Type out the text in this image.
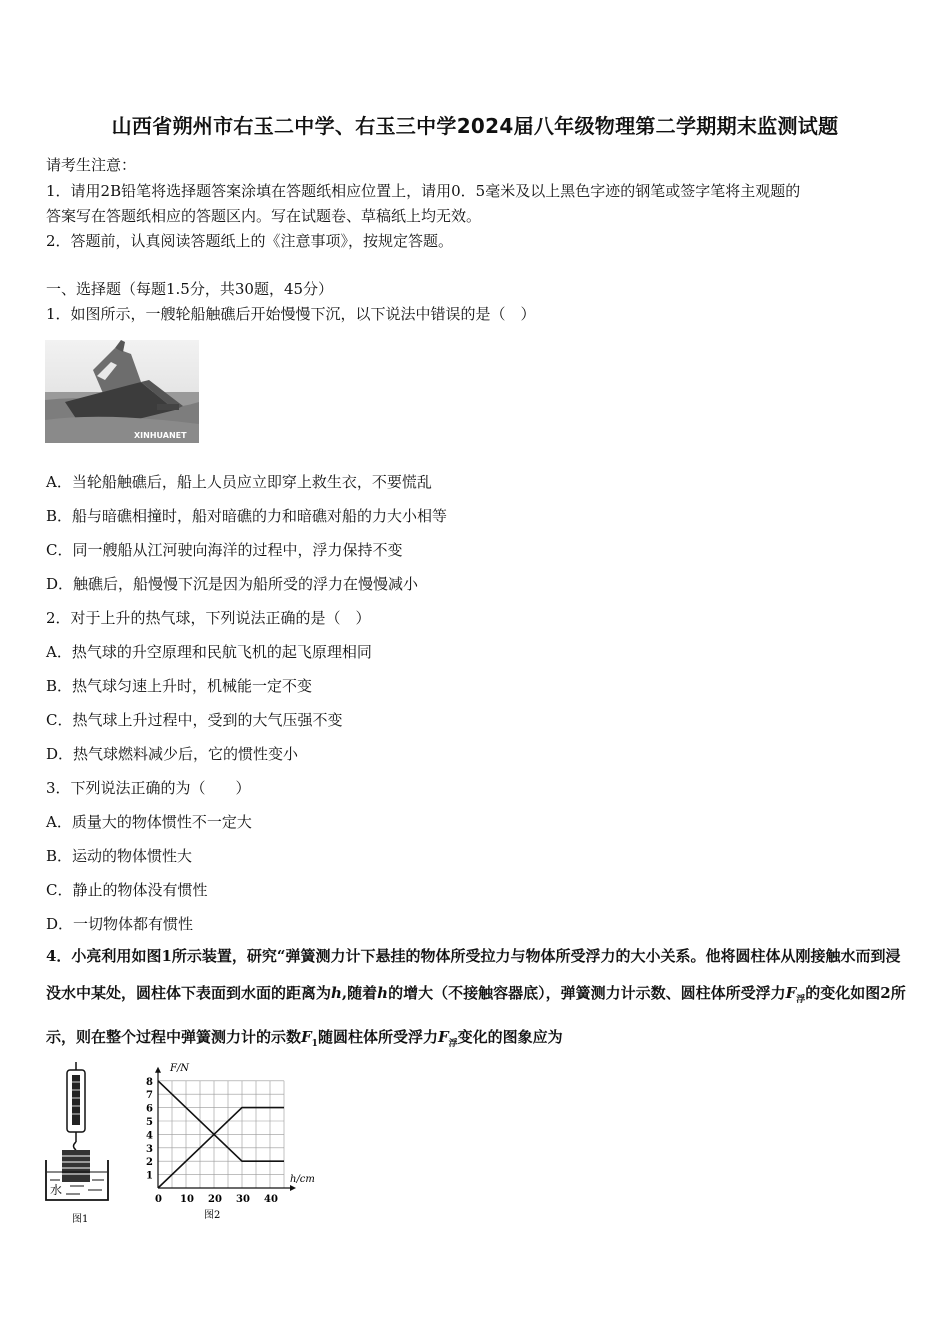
山西省朔州市右玉二中学、右玉三中学2024届八年级物理第二学期期末监测试题
请考生注意：
1．请用2B铅笔将选择题答案涂填在答题纸相应位置上，请用0．5毫米及以上黑色字迹的钢笔或签字笔将主观题的
答案写在答题纸相应的答题区内。写在试题卷、草稿纸上均无效。
2．答题前，认真阅读答题纸上的《注意事项》，按规定答题。
一、选择题（每题1.5分，共30题，45分）
1．如图所示，一艘轮船触礁后开始慢慢下沉，以下说法中错误的是（　）
XINHUANET
A．当轮船触礁后，船上人员应立即穿上救生衣，不要慌乱
B．船与暗礁相撞时，船对暗礁的力和暗礁对船的力大小相等
C．同一艘船从江河驶向海洋的过程中，浮力保持不变
D．触礁后，船慢慢下沉是因为船所受的浮力在慢慢减小
2．对于上升的热气球，下列说法正确的是（　）
A．热气球的升空原理和民航飞机的起飞原理相同
B．热气球匀速上升时，机械能一定不变
C．热气球上升过程中，受到的大气压强不变
D．热气球燃料减少后，它的惯性变小
3．下列说法正确的为（　　）
A．质量大的物体惯性不一定大
B．运动的物体惯性大
C．静止的物体没有惯性
D．一切物体都有惯性
4．小亮利用如图1所示装置，研究“弹簧测力计下悬挂的物体所受拉力与物体所受浮力的大小关系。他将圆柱体从刚接触水而到浸没水中某处，圆柱体下表面到水面的距离为h,随着h的增大（不接触容器底），弹簧测力计示数、圆柱体所受浮力$F_浮$的变化如图2所示，则在整个过程中弹簧测力计的示数$F_1$随圆柱体所受浮力$F_浮$变化的图象应为
水
图1
0 10 20 30 40
1
2
3
4
5
6
7
8
F/N
h/cm
图2
